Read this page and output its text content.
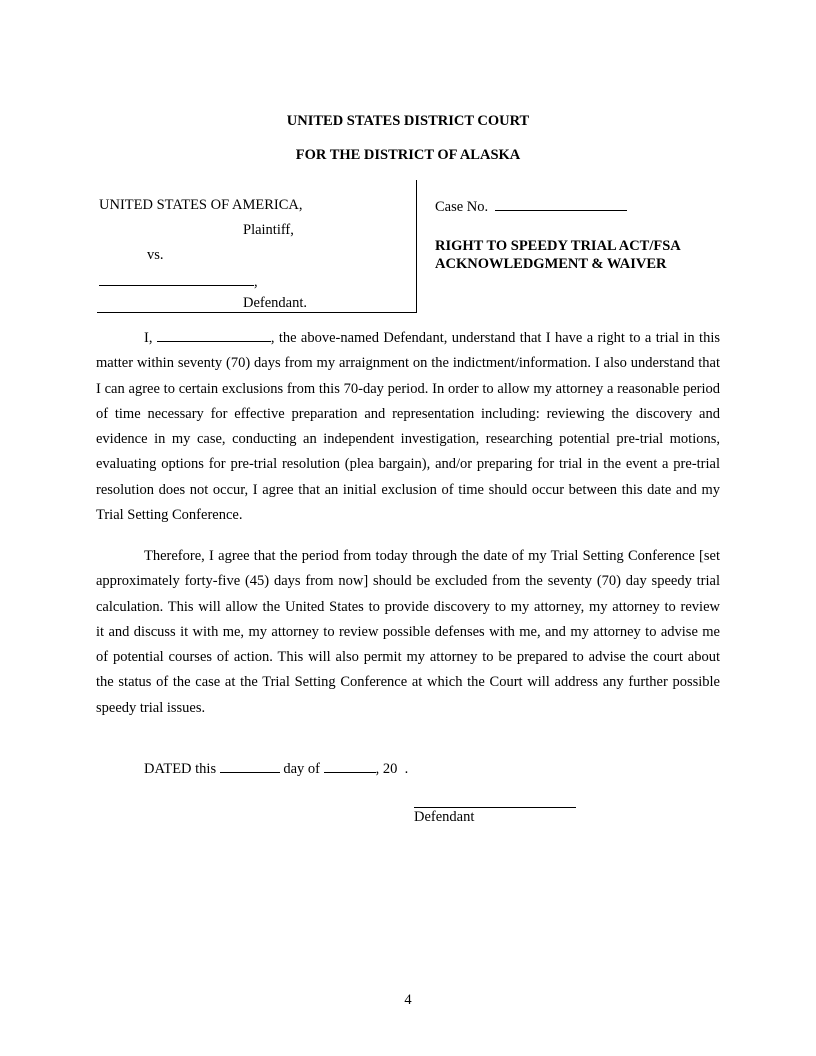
UNITED STATES DISTRICT COURT
FOR THE DISTRICT OF ALASKA
UNITED STATES OF AMERICA,
Plaintiff,
vs.
,
Defendant.
Case No.
RIGHT TO SPEEDY TRIAL ACT/FSA
ACKNOWLEDGMENT & WAIVER
I,	, the above-named Defendant, understand that I have a right to a trial in this
matter within seventy (70) days from my arraignment on the indictment/information. I also understand that
I can agree to certain exclusions from this 70-day period. In order to allow my attorney a reasonable period
of time necessary for effective preparation and representation including: reviewing the discovery and
evidence in my case, conducting an independent investigation, researching potential pre-trial motions,
evaluating options for pre-trial resolution (plea bargain), and/or preparing for trial in the event a pre-trial
resolution does not occur, I agree that an initial exclusion of time should occur between this date and my
Trial Setting Conference.
Therefore, I agree that the period from today through the date of my Trial Setting Conference [set
approximately forty-five (45) days from now] should be excluded from the seventy (70) day speedy trial
calculation. This will allow the United States to provide discovery to my attorney, my attorney to review
it and discuss it with me, my attorney to review possible defenses with me, and my attorney to advise me
of potential courses of action. This will also permit my attorney to be prepared to advise the court about
the status of the case at the Trial Setting Conference at which the Court will address any further possible
speedy trial issues.
DATED this	day of	, 20 .
Defendant
4
